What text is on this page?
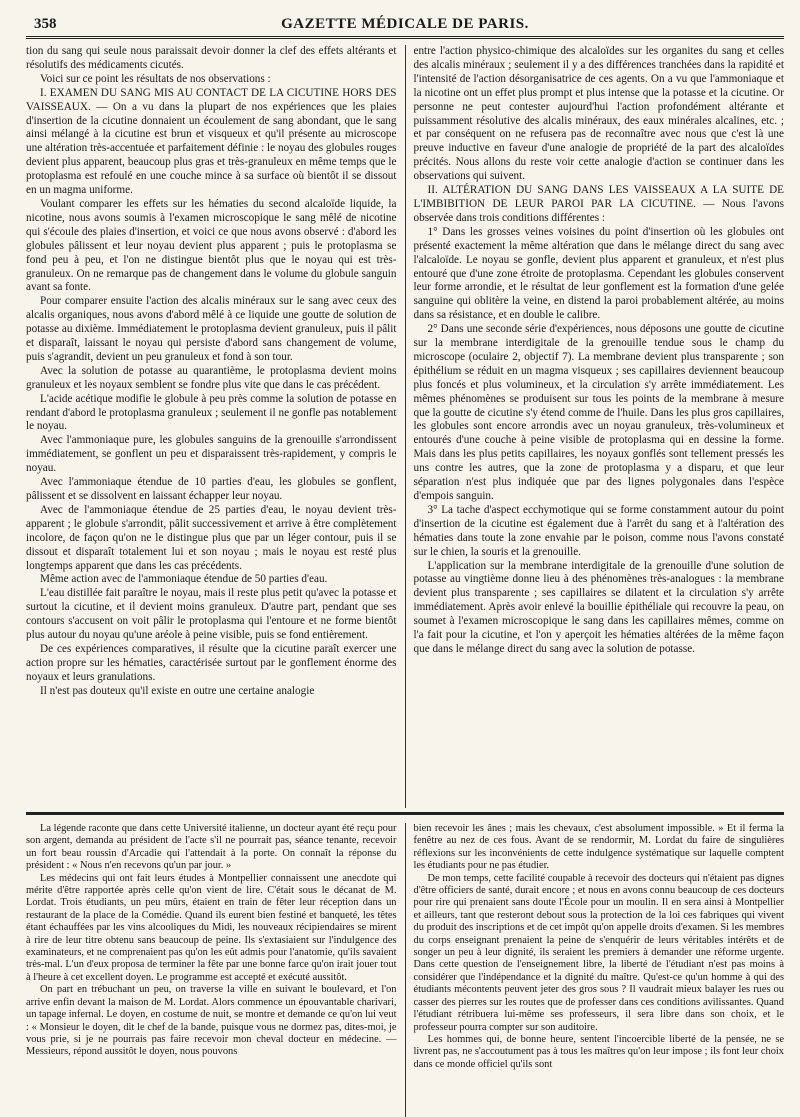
358	GAZETTE MÉDICALE DE PARIS.

tion du sang qui seule nous paraissait devoir donner la clef des effets altérants et résolutifs des médicaments cicutés.

Voici sur ce point les résultats de nos observations :

I. EXAMEN DU SANG MIS AU CONTACT DE LA CICUTINE HORS DES VAISSEAUX. — On a vu dans la plupart de nos expériences que les plaies d'insertion de la cicutine donnaient un écoulement de sang abondant, que le sang ainsi mélangé à la cicutine est brun et visqueux et qu'il présente au microscope une altération très-accentuée et parfaitement définie : le noyau des globules rouges devient plus apparent, beaucoup plus gras et très-granuleux en même temps que le protoplasma est refoulé en une couche mince à sa surface où bientôt il se dissout en un magma uniforme.

Voulant comparer les effets sur les hématies du second alcaloïde liquide, la nicotine, nous avons soumis à l'examen microscopique le sang mêlé de nicotine qui s'écoule des plaies d'insertion, et voici ce que nous avons observé : d'abord les globules pâlissent et leur noyau devient plus apparent ; puis le protoplasma se fond peu à peu, et l'on ne distingue bientôt plus que le noyau qui est très-granuleux. On ne remarque pas de changement dans le volume du globule sanguin avant sa fonte.

Pour comparer ensuite l'action des alcalis minéraux sur le sang avec ceux des alcalis organiques, nous avons d'abord mêlé à ce liquide une goutte de solution de potasse au dixième. Immédiatement le protoplasma devient granuleux, puis il pâlit et disparaît, laissant le noyau qui persiste d'abord sans changement de volume, puis s'agrandit, devient un peu granuleux et fond à son tour.

Avec la solution de potasse au quarantième, le protoplasma devient moins granuleux et les noyaux semblent se fondre plus vite que dans le cas précédent.

L'acide acétique modifie le globule à peu près comme la solution de potasse en rendant d'abord le protoplasma granuleux ; seulement il ne gonfle pas notablement le noyau.

Avec l'ammoniaque pure, les globules sanguins de la grenouille s'arrondissent immédiatement, se gonflent un peu et disparaissent très-rapidement, y compris le noyau.

Avec l'ammoniaque étendue de 10 parties d'eau, les globules se gonflent, pâlissent et se dissolvent en laissant échapper leur noyau.

Avec de l'ammoniaque étendue de 25 parties d'eau, le noyau devient très-apparent ; le globule s'arrondit, pâlit successivement et arrive à être complètement incolore, de façon qu'on ne le distingue plus que par un léger contour, puis il se dissout et disparaît totalement lui et son noyau ; mais le noyau est resté plus longtemps apparent que dans les cas précédents.

Même action avec de l'ammoniaque étendue de 50 parties d'eau.

L'eau distillée fait paraître le noyau, mais il reste plus petit qu'avec la potasse et surtout la cicutine, et il devient moins granuleux. D'autre part, pendant que ses contours s'accusent on voit pâlir le protoplasma qui l'entoure et ne forme bientôt plus autour du noyau qu'une aréole à peine visible, puis se fond entièrement.

De ces expériences comparatives, il résulte que la cicutine paraît exercer une action propre sur les hématies, caractérisée surtout par le gonflement énorme des noyaux et leurs granulations.

Il n'est pas douteux qu'il existe en outre une certaine analogie

entre l'action physico-chimique des alcaloïdes sur les organites du sang et celles des alcalis minéraux ; seulement il y a des différences tranchées dans la rapidité et l'intensité de l'action désorganisatrice de ces agents. On a vu que l'ammoniaque et la nicotine ont un effet plus prompt et plus intense que la potasse et la cicutine. Or personne ne peut contester aujourd'hui l'action profondément altérante et puissamment résolutive des alcalis minéraux, des eaux minérales alcalines, etc. ; et par conséquent on ne refusera pas de reconnaître avec nous que c'est là une preuve inductive en faveur d'une analogie de propriété de la part des alcaloïdes précités. Nous allons du reste voir cette analogie d'action se continuer dans les observations qui suivent.

II. ALTÉRATION DU SANG DANS LES VAISSEAUX A LA SUITE DE L'IMBIBITION DE LEUR PAROI PAR LA CICUTINE. — Nous l'avons observée dans trois conditions différentes :

1° Dans les grosses veines voisines du point d'insertion où les globules ont présenté exactement la même altération que dans le mélange direct du sang avec l'alcaloïde. Le noyau se gonfle, devient plus apparent et granuleux, et n'est plus entouré que d'une zone étroite de protoplasma. Cependant les globules conservent leur forme arrondie, et le résultat de leur gonflement est la formation d'une gelée sanguine qui oblitère la veine, en distend la paroi probablement altérée, au moins dans sa résistance, et en double le calibre.

2° Dans une seconde série d'expériences, nous déposons une goutte de cicutine sur la membrane interdigitale de la grenouille tendue sous le champ du microscope (oculaire 2, objectif 7). La membrane devient plus transparente ; son épithélium se réduit en un magma visqueux ; ses capillaires deviennent beaucoup plus foncés et plus volumineux, et la circulation s'y arrête immédiatement. Les mêmes phénomènes se produisent sur tous les points de la membrane à mesure que la goutte de cicutine s'y étend comme de l'huile. Dans les plus gros capillaires, les globules sont encore arrondis avec un noyau granuleux, très-volumineux et entourés d'une couche à peine visible de protoplasma qui en dessine la forme. Mais dans les plus petits capillaires, les noyaux gonflés sont tellement pressés les uns contre les autres, que la zone de protoplasma y a disparu, et que leur séparation n'est plus indiquée que par des lignes polygonales dans l'espèce d'empois sanguin.

3° La tache d'aspect ecchymotique qui se forme constamment autour du point d'insertion de la cicutine est également due à l'arrêt du sang et à l'altération des hématies dans toute la zone envahie par le poison, comme nous l'avons constaté sur le chien, la souris et la grenouille.

L'application sur la membrane interdigitale de la grenouille d'une solution de potasse au vingtième donne lieu à des phénomènes très-analogues : la membrane devient plus transparente ; ses capillaires se dilatent et la circulation s'y arrête immédiatement. Après avoir enlevé la bouillie épithéliale qui recouvre la peau, on soumet à l'examen microscopique le sang dans les capillaires mêmes, comme on l'a fait pour la cicutine, et l'on y aperçoit les hématies altérées de la même façon que dans le mélange direct du sang avec la solution de potasse.

La légende raconte que dans cette Université italienne, un docteur ayant été reçu pour son argent, demanda au président de l'acte s'il ne pourrait pas, séance tenante, recevoir un fort beau roussin d'Arcadie qui l'attendait à la porte. On connaît la réponse du président : « Nous n'en recevons qu'un par jour. »

Les médecins qui ont fait leurs études à Montpellier connaissent une anecdote qui mérite d'être rapportée après celle qu'on vient de lire. C'était sous le décanat de M. Lordat. Trois étudiants, un peu mûrs, étaient en train de fêter leur réception dans un restaurant de la place de la Comédie. Quand ils eurent bien festiné et banqueté, les têtes étant échauffées par les vins alcooliques du Midi, les nouveaux récipiendaires se mirent à rire de leur titre obtenu sans beaucoup de peine. Ils s'extasiaient sur l'indulgence des examinateurs, et ne comprenaient pas qu'on les eût admis pour l'anatomie, qu'ils savaient très-mal. L'un d'eux proposa de terminer la fête par une bonne farce qu'on irait jouer tout à l'heure à cet excellent doyen. Le programme est accepté et exécuté aussitôt.

On part en trébuchant un peu, on traverse la ville en suivant le boulevard, et l'on arrive enfin devant la maison de M. Lordat. Alors commence un épouvantable charivari, un tapage infernal. Le doyen, en costume de nuit, se montre et demande ce qu'on lui veut : « Monsieur le doyen, dit le chef de la bande, puisque vous ne dormez pas, dites-moi, je vous prie, si je ne pourrais pas faire recevoir mon cheval docteur en médecine. — Messieurs, répond aussitôt le doyen, nous pouvons

bien recevoir les ânes ; mais les chevaux, c'est absolument impossible. » Et il ferma la fenêtre au nez de ces fous. Avant de se rendormir, M. Lordat du faire de singulières réflexions sur les inconvénients de cette indulgence systématique sur laquelle comptent les étudiants pour ne pas étudier.

De mon temps, cette facilité coupable à recevoir des docteurs qui n'étaient pas dignes d'être officiers de santé, durait encore ; et nous en avons connu beaucoup de ces docteurs pour rire qui prenaient sans doute l'École pour un moulin. Il en sera ainsi à Montpellier et ailleurs, tant que resteront debout sous la protection de la loi ces fabriques qui vivent du produit des inscriptions et de cet impôt qu'on appelle droits d'examen. Si les membres du corps enseignant prenaient la peine de s'enquérir de leurs véritables intérêts et de songer un peu à leur dignité, ils seraient les premiers à demander une réforme urgente. Dans cette question de l'enseignement libre, la liberté de l'étudiant n'est pas moins à considérer que l'indépendance et la dignité du maître. Qu'est-ce qu'un homme à qui des étudiants mécontents peuvent jeter des gros sous ? Il vaudrait mieux balayer les rues ou casser des pierres sur les routes que de professer dans ces conditions avilissantes. Quand l'étudiant rétribuera lui-même ses professeurs, il sera libre dans son choix, et le professeur pourra compter sur son auditoire.

Les hommes qui, de bonne heure, sentent l'incoercible liberté de la pensée, ne se livrent pas, ne s'accoutument pas à tous les maîtres qu'on leur impose ; ils font leur choix dans ce monde officiel qu'ils sont
